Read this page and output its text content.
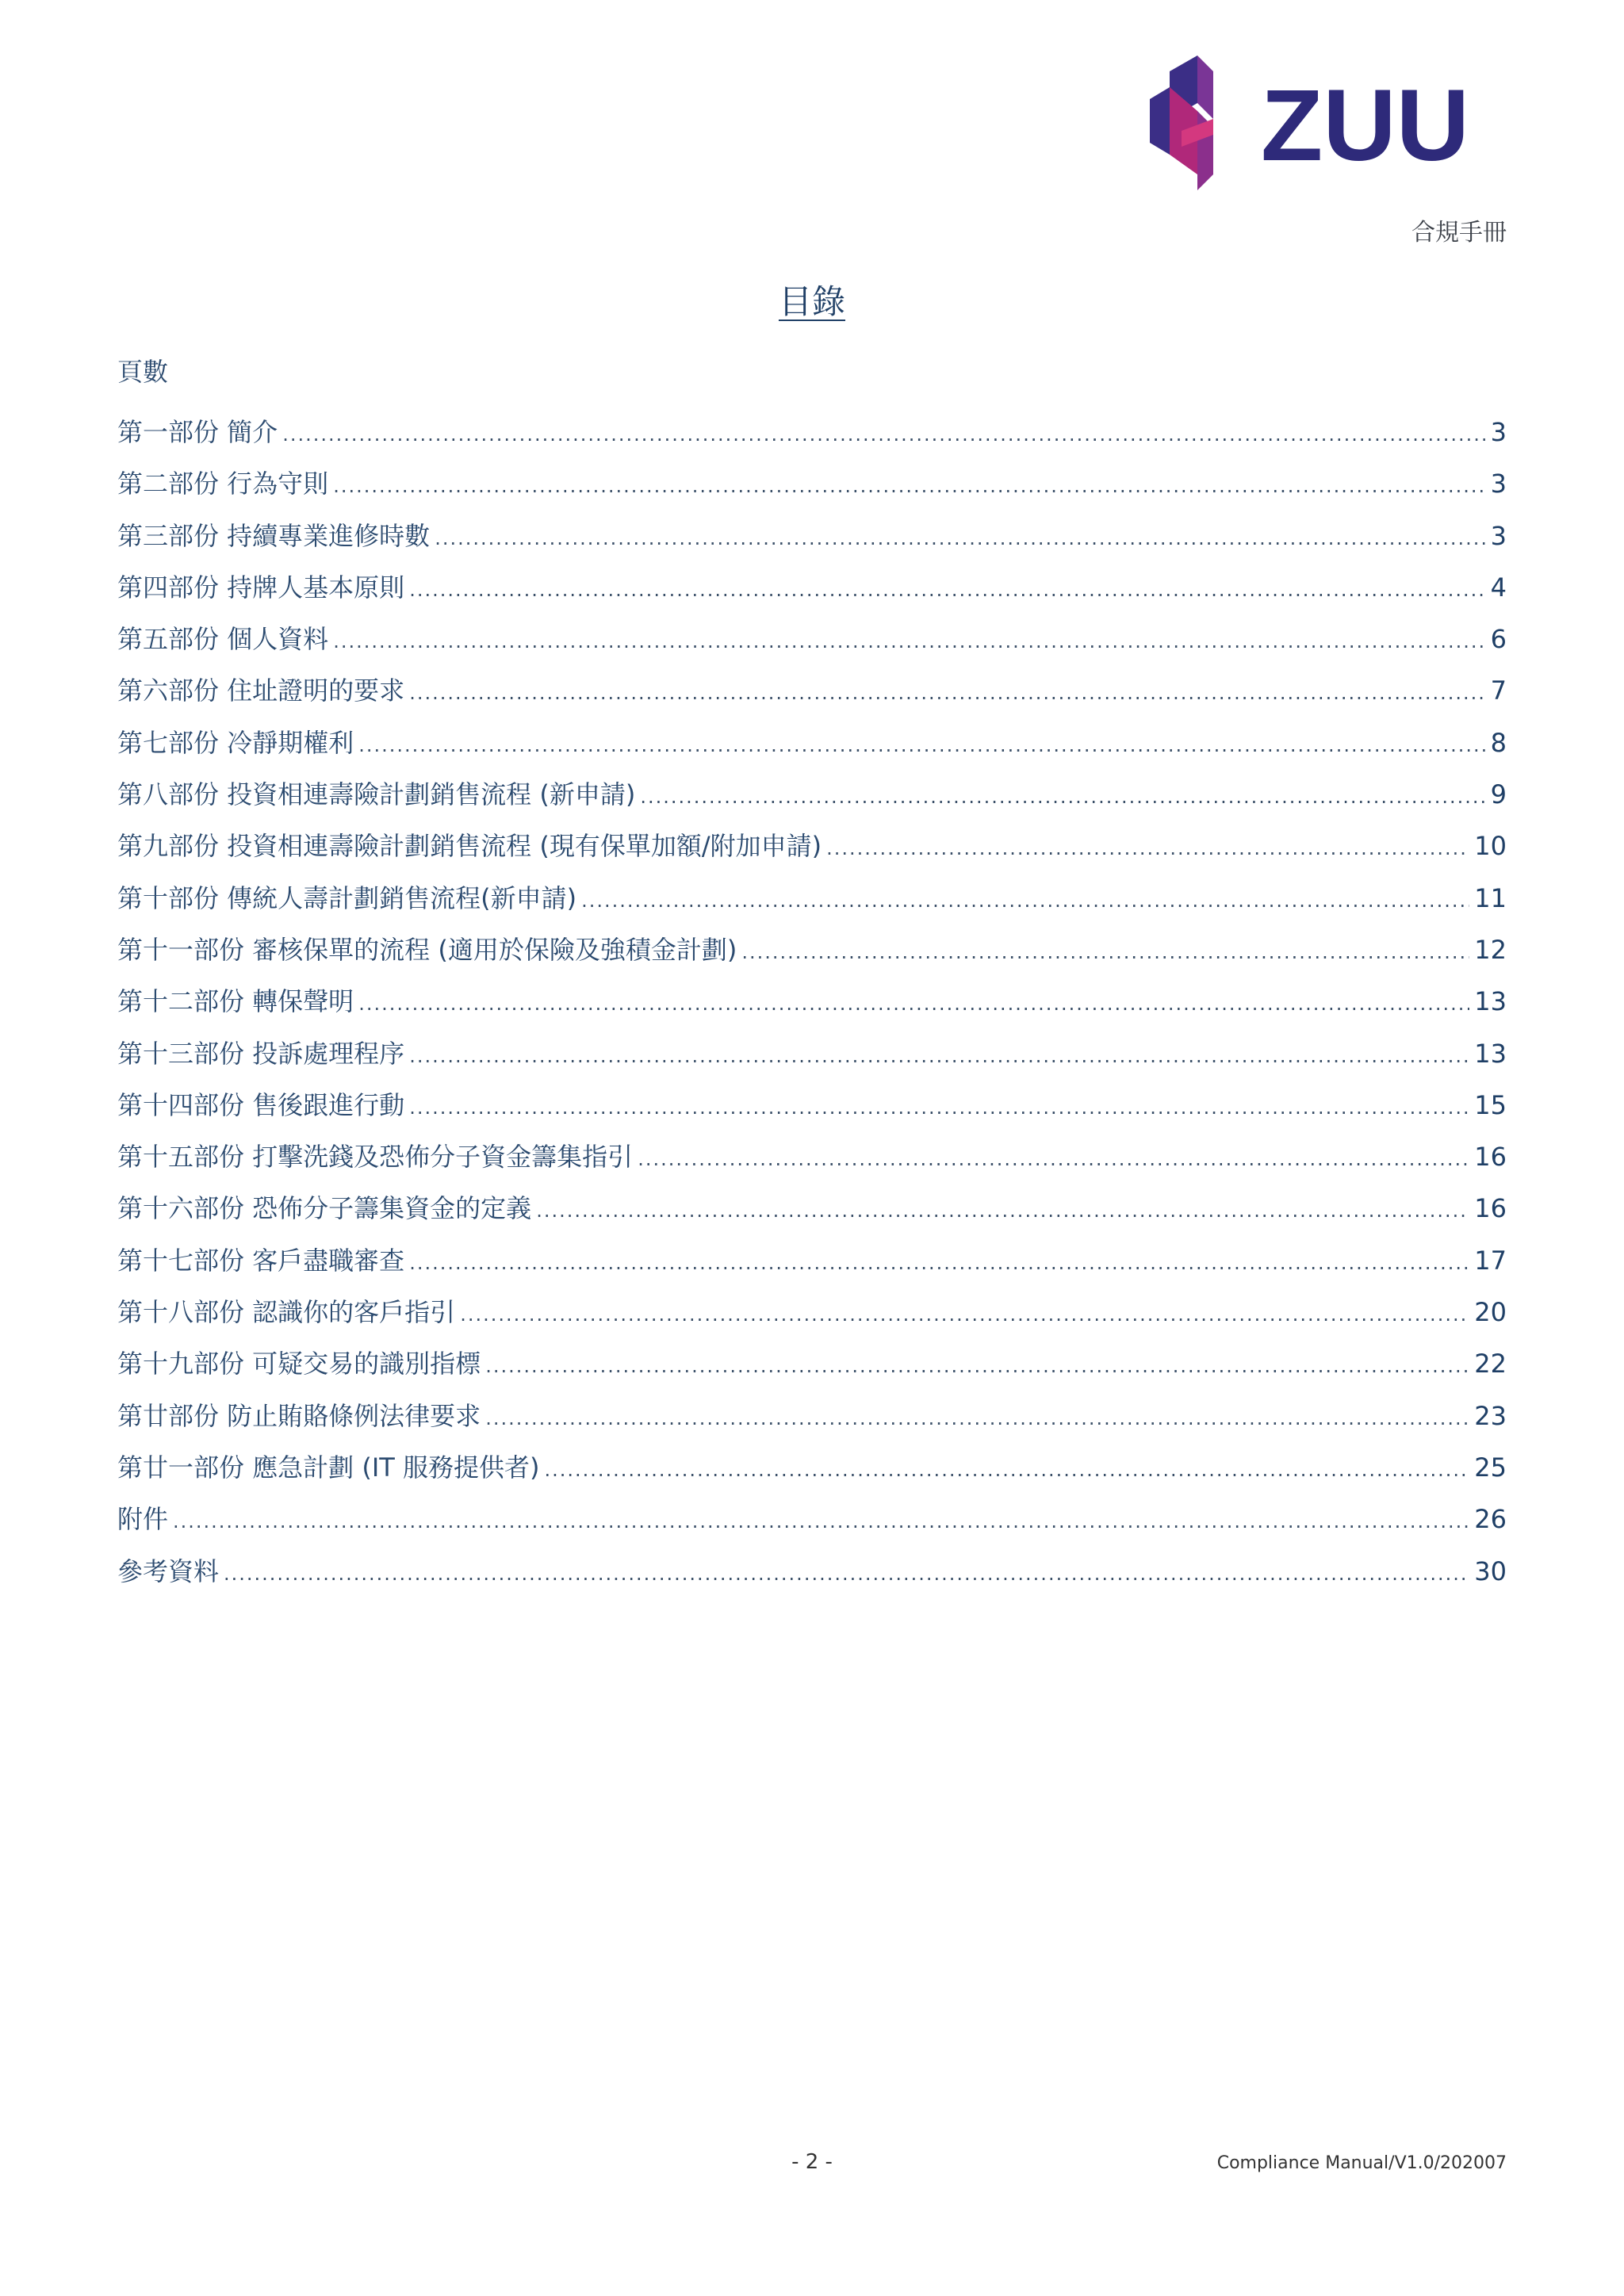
ZUU
合規手冊
目錄
頁數
第一部份 簡介 .....	3
第二部份 行為守則 .....	3
第三部份 持續專業進修時數 .....	3
第四部份 持牌人基本原則 .....	4
第五部份 個人資料 .....	6
第六部份 住址證明的要求 .....	7
第七部份 冷靜期權利 .....	8
第八部份 投資相連壽險計劃銷售流程 (新申請) .....	9
第九部份 投資相連壽險計劃銷售流程 (現有保單加額/附加申請) .....	10
第十部份 傳統人壽計劃銷售流程(新申請) .....	11
第十一部份 審核保單的流程 (適用於保險及強積金計劃) .....	12
第十二部份 轉保聲明 .....	13
第十三部份 投訴處理程序 .....	13
第十四部份 售後跟進行動 .....	15
第十五部份 打擊洗錢及恐佈分子資金籌集指引 .....	16
第十六部份 恐佈分子籌集資金的定義 .....	16
第十七部份 客戶盡職審查 .....	17
第十八部份 認識你的客戶指引 .....	20
第十九部份 可疑交易的識別指標 .....	22
第廿部份 防止賄賂條例法律要求 .....	23
第廿一部份 應急計劃 (IT 服務提供者) .....	25
附件 .....	26
參考資料 .....	30
- 2 -	Compliance Manual/V1.0/202007
